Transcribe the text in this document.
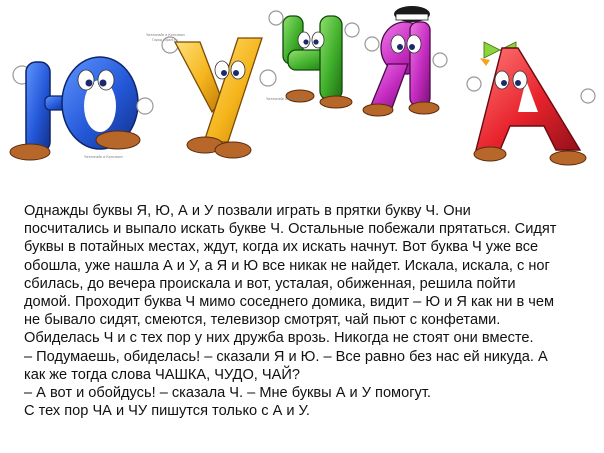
Чиллинайс и Котилион
Чиллинайс и Котилион
Город clipart.ru
Чиллинайс и Котилион

Однажды буквы Я, Ю, А и У позвали играть в прятки букву Ч. Они

посчитались и выпало искать букве Ч. Остальные побежали прятаться. Сидят

буквы в потайных местах, ждут, когда их искать начнут. Вот буква Ч уже все

обошла, уже нашла А и У, а Я и Ю все никак не найдет. Искала, искала, с ног

сбилась, до вечера проискала и вот, усталая, обиженная, решила пойти

домой. Проходит буква Ч мимо соседнего домика, видит – Ю и Я как ни в чем

не бывало сидят, смеются, телевизор смотрят, чай пьют с конфетами.

Обиделась Ч и с тех пор у них дружба врозь. Никогда не стоят они вместе.

– Подумаешь, обиделась! – сказали Я и Ю. – Все равно без нас ей никуда. А

как же тогда слова ЧАШКА, ЧУДО, ЧАЙ?

– А вот и обойдусь! – сказала Ч. – Мне буквы А и У помогут.

С тех пор ЧА и ЧУ пишутся только с А и У.
